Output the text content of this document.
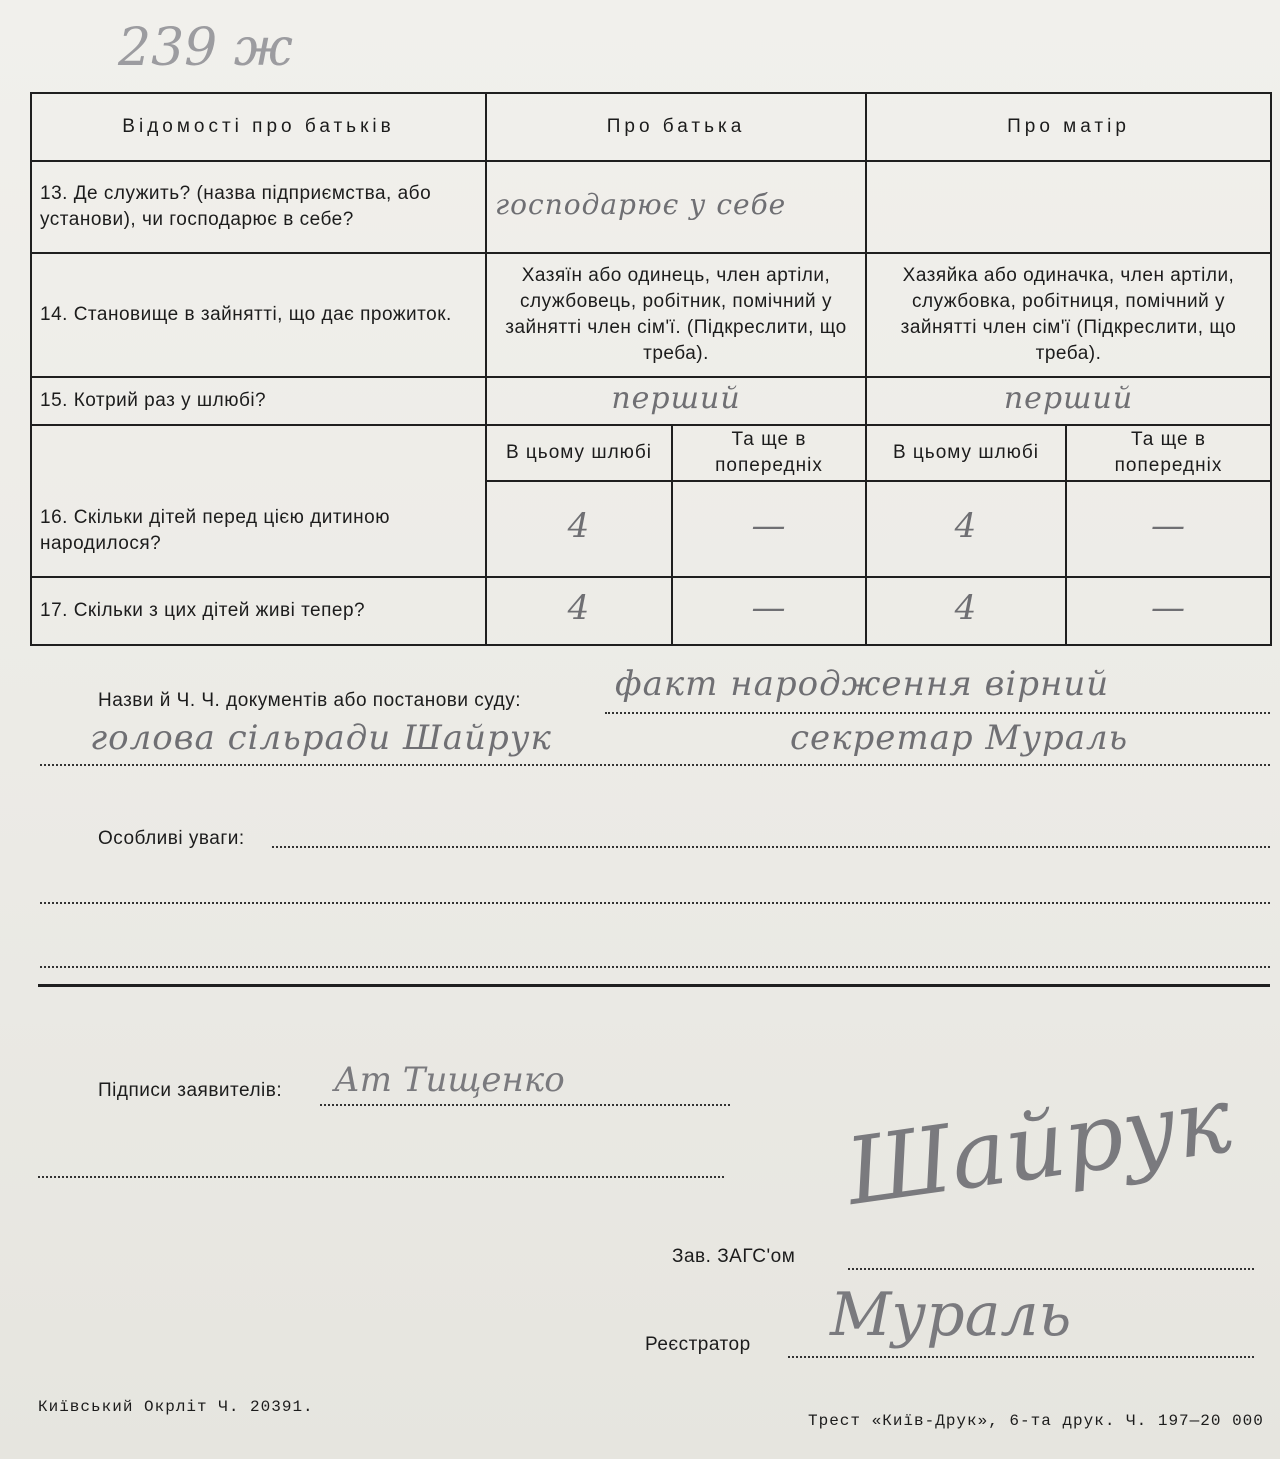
239 ж
Відомості про батьків	Про батька		Про матір	
13. Де служить? (назва підприємства, або установи), чи господарює в себе?	господарює у себе			
14. Становище в зайнятті, що дає прожиток.	Хазяїн або одинець, член артіли, службовець, робітник, помічний у зайнятті член сім'ї. (Підкреслити, що треба).		Хазяйка або одиначка, член артіли, службовка, робітниця, помічний у зайнятті член сім'ї (Підкреслити, що треба).	
15. Котрий раз у шлюбі?	перший		перший	
16. Скільки дітей перед цією дитиною народилося?	В цьому шлюбі	Та ще в попередніх	В цьому шлюбі	Та ще в попередніх
	4	—	4	—
17. Скільки з цих дітей живі тепер?	4	—	4	—
Назви й Ч. Ч. документів або постанови суду:	факт народження вірний
голова сільради Шайрук	секретар Мураль
Особливі уваги:
Підписи заявителів: Ат Тищенко	Шайрук
Зав. ЗАГС'ом
Реєстратор Мураль
Київський Окрліт Ч. 20391.
Трест «Київ-Друк», 6-та друк. Ч. 197—20 000
